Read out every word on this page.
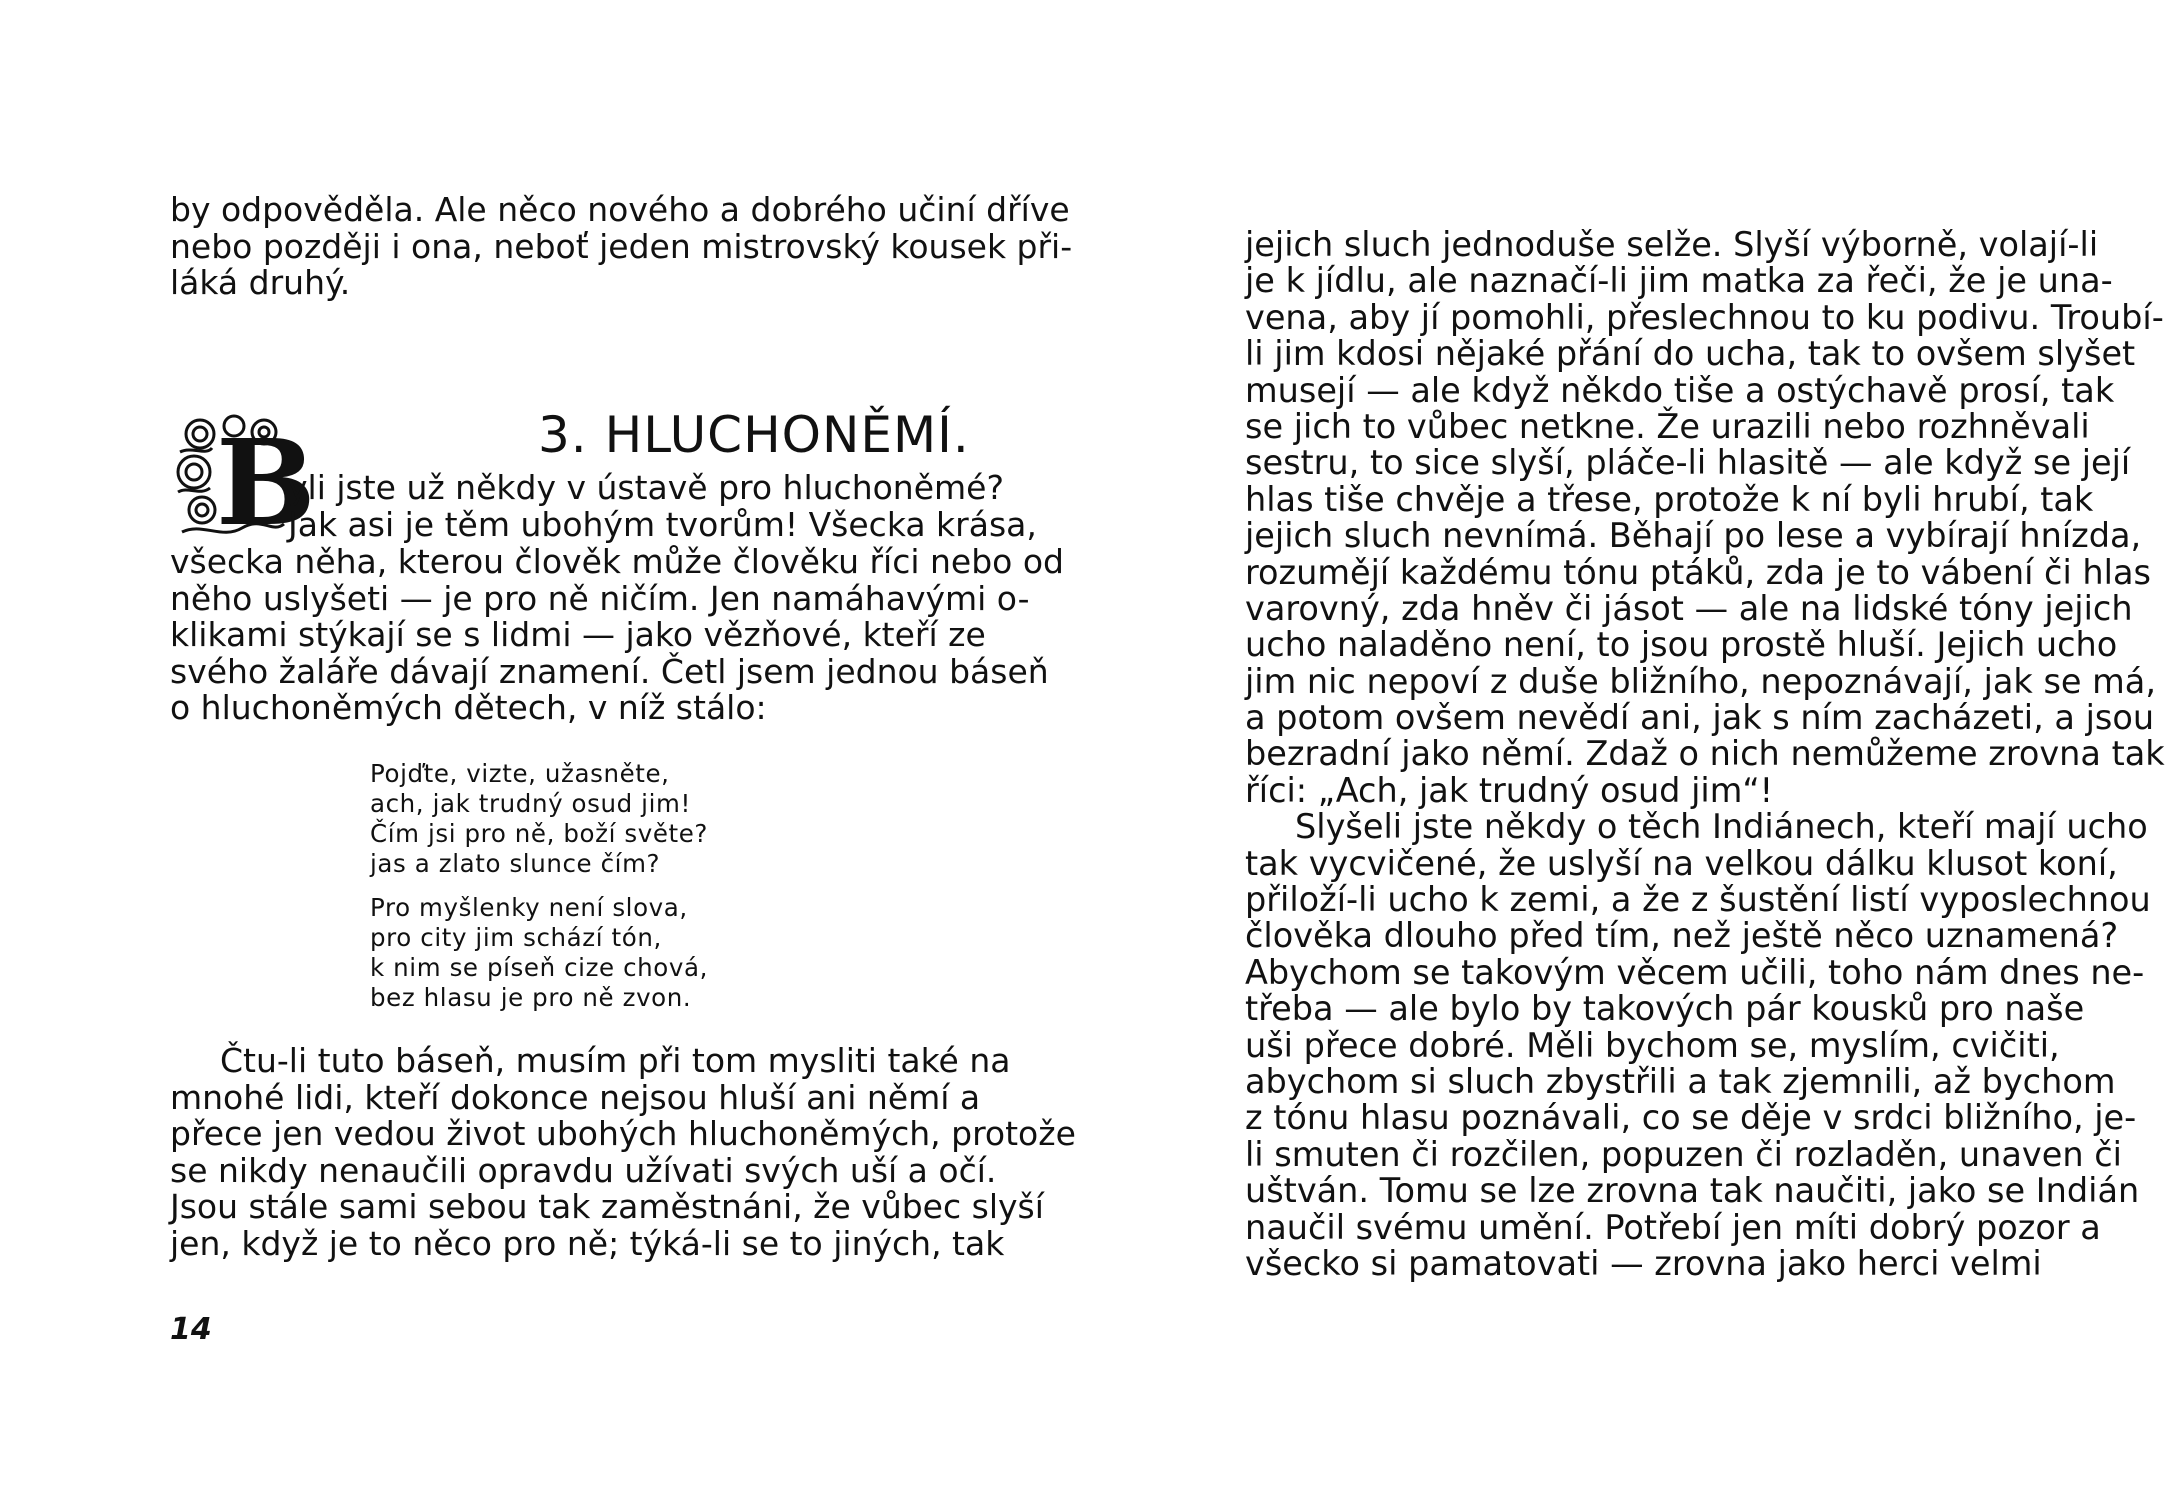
by odpověděla. Ale něco nového a dobrého učiní dříve
nebo později i ona, neboť jeden mistrovský kousek při-
láká druhý.
3. HLUCHONĚMÍ.
B
yli jste už někdy v ústavě pro hluchoněmé?
Jak asi je těm ubohým tvorům! Všecka krása,
všecka něha, kterou člověk může člověku říci nebo od
něho uslyšeti — je pro ně ničím. Jen namáhavými o-
klikami stýkají se s lidmi — jako vězňové, kteří ze
svého žaláře dávají znamení. Četl jsem jednou báseň
o hluchoněmých dětech, v níž stálo:
Pojďte, vizte, užasněte,
ach, jak trudný osud jim!
Čím jsi pro ně, boží světe?
jas a zlato slunce čím?
Pro myšlenky není slova,
pro city jim schází tón,
k nim se píseň cize chová,
bez hlasu je pro ně zvon.
Čtu-li tuto báseň, musím při tom mysliti také na
mnohé lidi, kteří dokonce nejsou hluší ani němí a
přece jen vedou život ubohých hluchoněmých, protože
se nikdy nenaučili opravdu užívati svých uší a očí.
Jsou stále sami sebou tak zaměstnáni, že vůbec slyší
jen, když je to něco pro ně; týká-li se to jiných, tak
14
jejich sluch jednoduše selže. Slyší výborně, volají-li
je k jídlu, ale naznačí-li jim matka za řeči, že je una-
vena, aby jí pomohli, přeslechnou to ku podivu. Troubí-
li jim kdosi nějaké přání do ucha, tak to ovšem slyšet
musejí — ale když někdo tiše a ostýchavě prosí, tak
se jich to vůbec netkne. Že urazili nebo rozhněvali
sestru, to sice slyší, pláče-li hlasitě — ale když se její
hlas tiše chvěje a třese, protože k ní byli hrubí, tak
jejich sluch nevnímá. Běhají po lese a vybírají hnízda,
rozumějí každému tónu ptáků, zda je to vábení či hlas
varovný, zda hněv či jásot — ale na lidské tóny jejich
ucho naladěno není, to jsou prostě hluší. Jejich ucho
jim nic nepoví z duše bližního, nepoznávají, jak se má,
a potom ovšem nevědí ani, jak s ním zacházeti, a jsou
bezradní jako němí. Zdaž o nich nemůžeme zrovna tak
říci: „Ach, jak trudný osud jim“!
Slyšeli jste někdy o těch Indiánech, kteří mají ucho
tak vycvičené, že uslyší na velkou dálku klusot koní,
přiloží-li ucho k zemi, a že z šustění listí vyposlechnou
člověka dlouho před tím, než ještě něco uznamená?
Abychom se takovým věcem učili, toho nám dnes ne-
třeba — ale bylo by takových pár kousků pro naše
uši přece dobré. Měli bychom se, myslím, cvičiti,
abychom si sluch zbystřili a tak zjemnili, až bychom
z tónu hlasu poznávali, co se děje v srdci bližního, je-
li smuten či rozčilen, popuzen či rozladěn, unaven či
uštván. Tomu se lze zrovna tak naučiti, jako se Indián
naučil svému umění. Potřebí jen míti dobrý pozor a
všecko si pamatovati — zrovna jako herci velmi
